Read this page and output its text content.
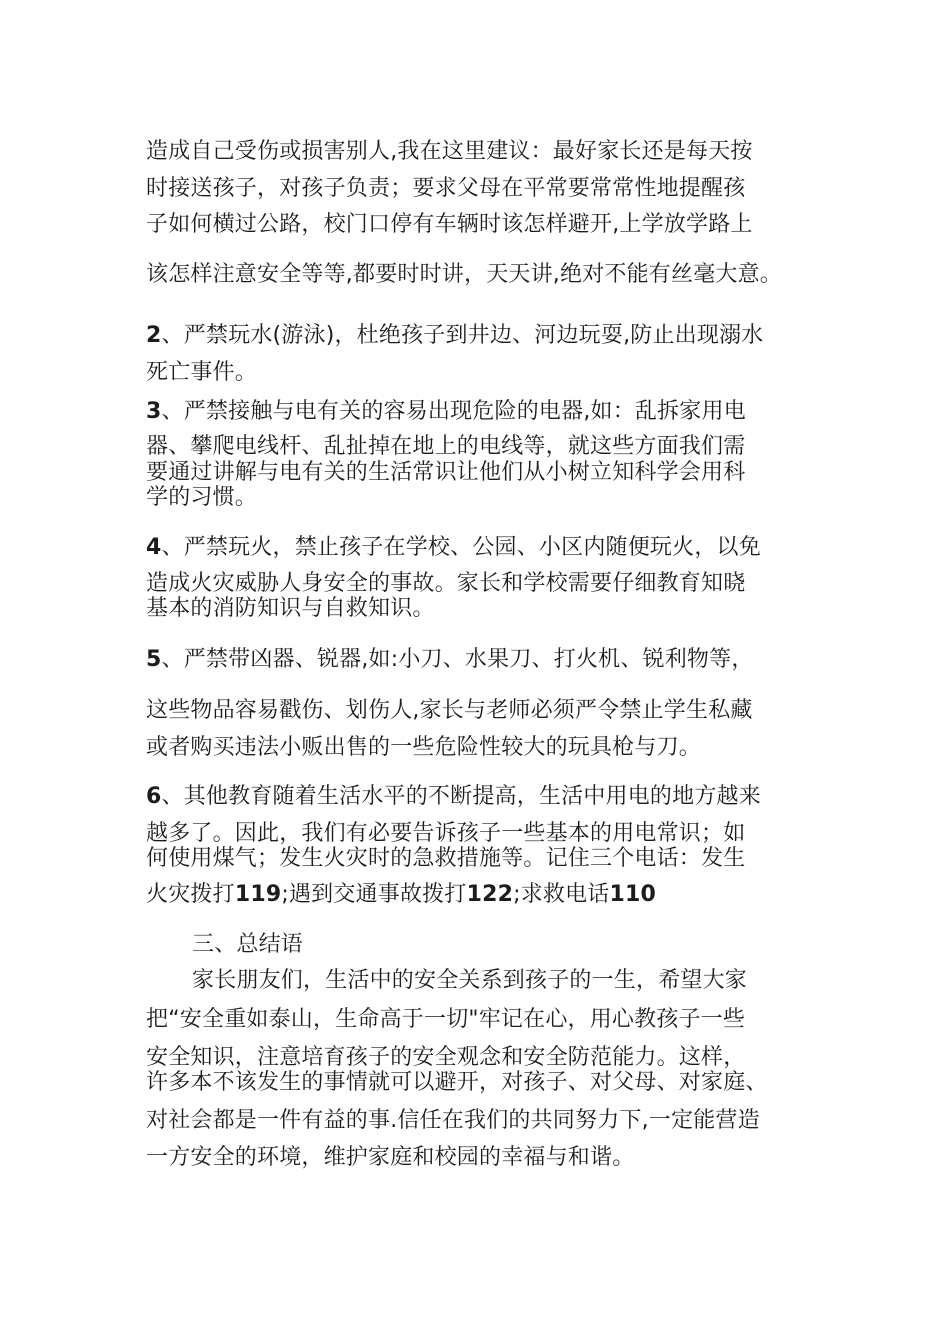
造成自己受伤或损害别人,我在这里建议：最好家长还是每天按
时接送孩子，对孩子负责；要求父母在平常要常常性地提醒孩
子如何横过公路，校门口停有车辆时该怎样避开,上学放学路上
该怎样注意安全等等,都要时时讲，天天讲,绝对不能有丝毫大意。
2、严禁玩水(游泳)，杜绝孩子到井边、河边玩耍,防止出现溺水
死亡事件。
3、严禁接触与电有关的容易出现危险的电器,如：乱拆家用电
器、攀爬电线杆、乱扯掉在地上的电线等，就这些方面我们需
要通过讲解与电有关的生活常识让他们从小树立知科学会用科
学的习惯。
4、严禁玩火，禁止孩子在学校、公园、小区内随便玩火，以免
造成火灾威胁人身安全的事故。家长和学校需要仔细教育知晓
基本的消防知识与自救知识。
5、严禁带凶器、锐器,如:小刀、水果刀、打火机、锐利物等，
这些物品容易戳伤、划伤人,家长与老师必须严令禁止学生私藏
或者购买违法小贩出售的一些危险性较大的玩具枪与刀。
6、其他教育随着生活水平的不断提高，生活中用电的地方越来
越多了。因此，我们有必要告诉孩子一些基本的用电常识；如
何使用煤气；发生火灾时的急救措施等。记住三个电话：发生
火灾拨打119;遇到交通事故拨打122;求救电话110
三、总结语
家长朋友们，生活中的安全关系到孩子的一生，希望大家
把“安全重如泰山，生命高于一切"牢记在心，用心教孩子一些
安全知识，注意培育孩子的安全观念和安全防范能力。这样，
许多本不该发生的事情就可以避开，对孩子、对父母、对家庭、
对社会都是一件有益的事.信任在我们的共同努力下,一定能营造
一方安全的环境，维护家庭和校园的幸福与和谐。
